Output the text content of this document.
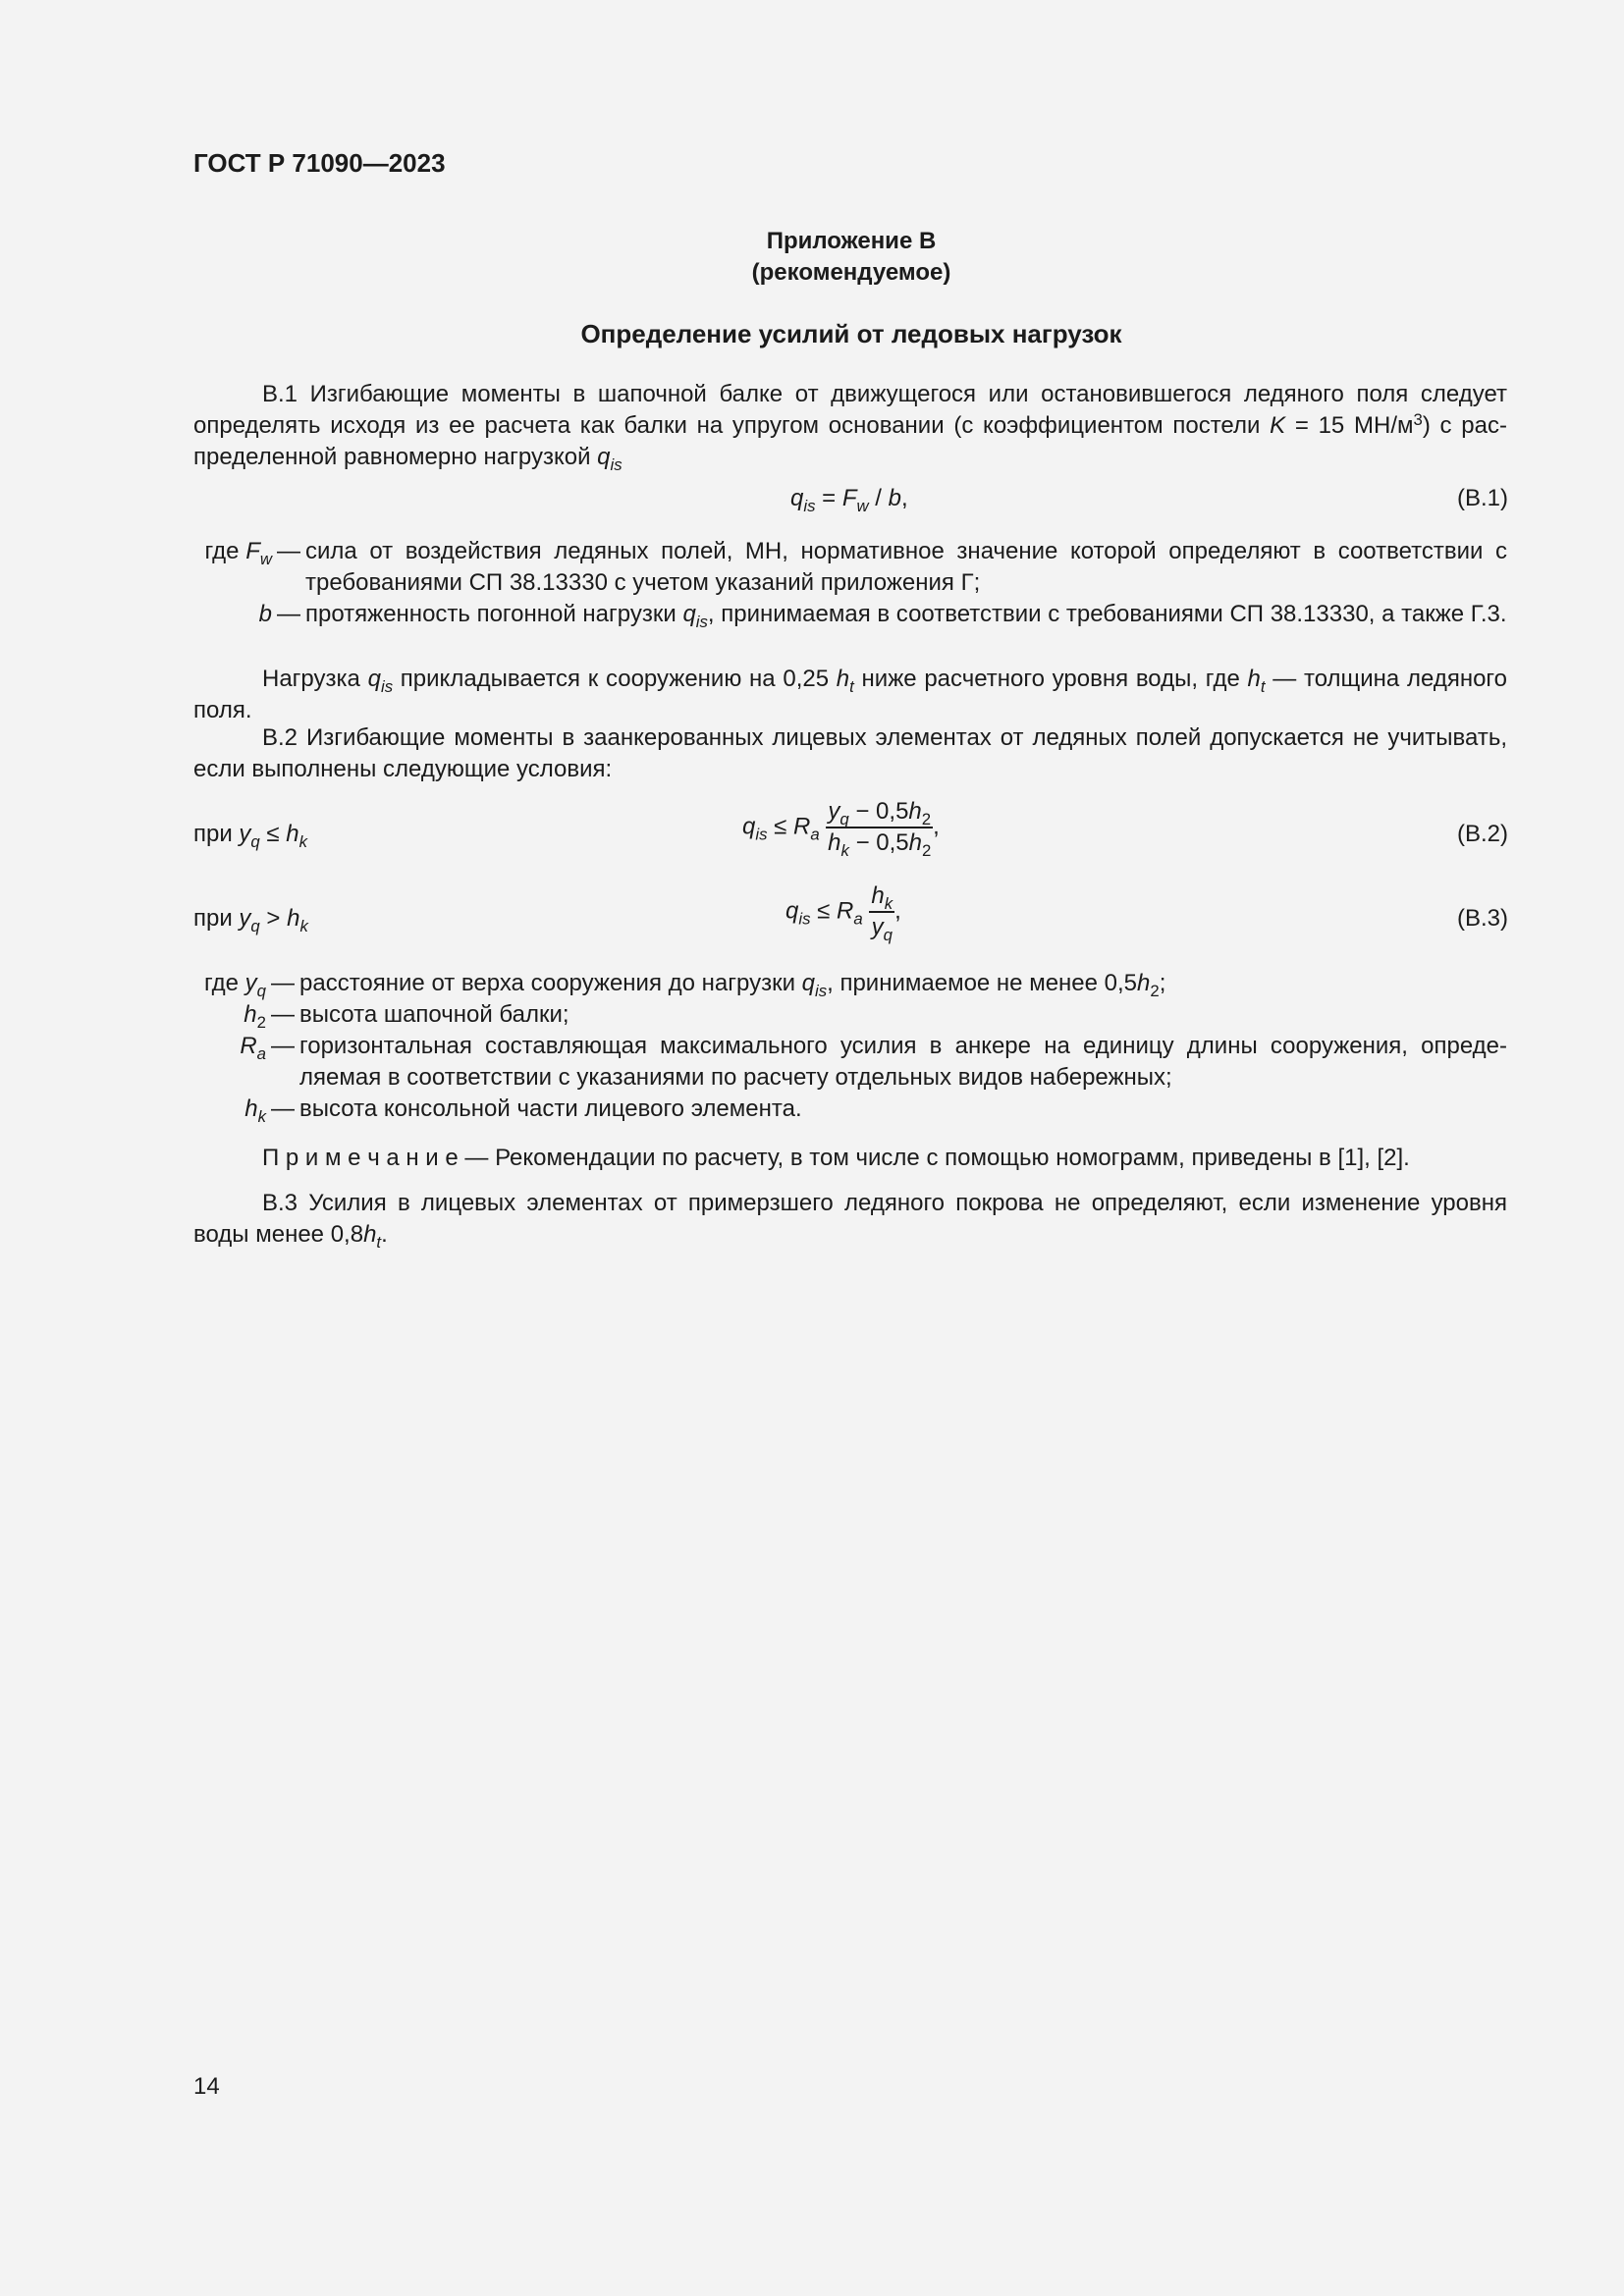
ГОСТ Р 71090—2023
Приложение В
(рекомендуемое)
Определение усилий от ледовых нагрузок
В.1 Изгибающие моменты в шапочной балке от движущегося или остановившегося ледяного поля следует определять исходя из ее расчета как балки на упругом основании (с коэффициентом постели K = 15 $МН/м^3$) с распределенной равномерно нагрузкой $q_{is}$
$q_{is} = F_w / b$,	(В.1)
где $F_w$ — сила от воздействия ледяных полей, МН, нормативное значение которой определяют в соответствии с требованиями СП 38.13330 с учетом указаний приложения Г;
b — протяженность погонной нагрузки $q_{is}$, принимаемая в соответствии с требованиями СП 38.13330, а также Г.3.
Нагрузка $q_{is}$ прикладывается к сооружению на 0,25 $h_t$ ниже расчетного уровня воды, где $h_t$ — толщина ледяного поля.
В.2 Изгибающие моменты в заанкерованных лицевых элементах от ледяных полей допускается не учитывать, если выполнены следующие условия:
при $y_q \le h_k$
$q_{is} \le R_a \frac{y_q - 0,5h_2}{h_k - 0,5h_2}$ ,	(В.2)
при $y_q > h_k$
$q_{is} \le R_a \frac{h_k}{y_q}$ ,	(В.3)
где $y_q$ — расстояние от верха сооружения до нагрузки $q_{is}$, принимаемое не менее $0,5h_2$;
$h_2$ — высота шапочной балки;
$R_a$ — горизонтальная составляющая максимального усилия в анкере на единицу длины сооружения, определяемая в соответствии с указаниями по расчету отдельных видов набережных;
$h_k$ — высота консольной части лицевого элемента.
П р и м е ч а н и е — Рекомендации по расчету, в том числе с помощью номограмм, приведены в [1], [2].
В.3 Усилия в лицевых элементах от примерзшего ледяного покрова не определяют, если изменение уровня воды менее $0,8h_t$.
14
